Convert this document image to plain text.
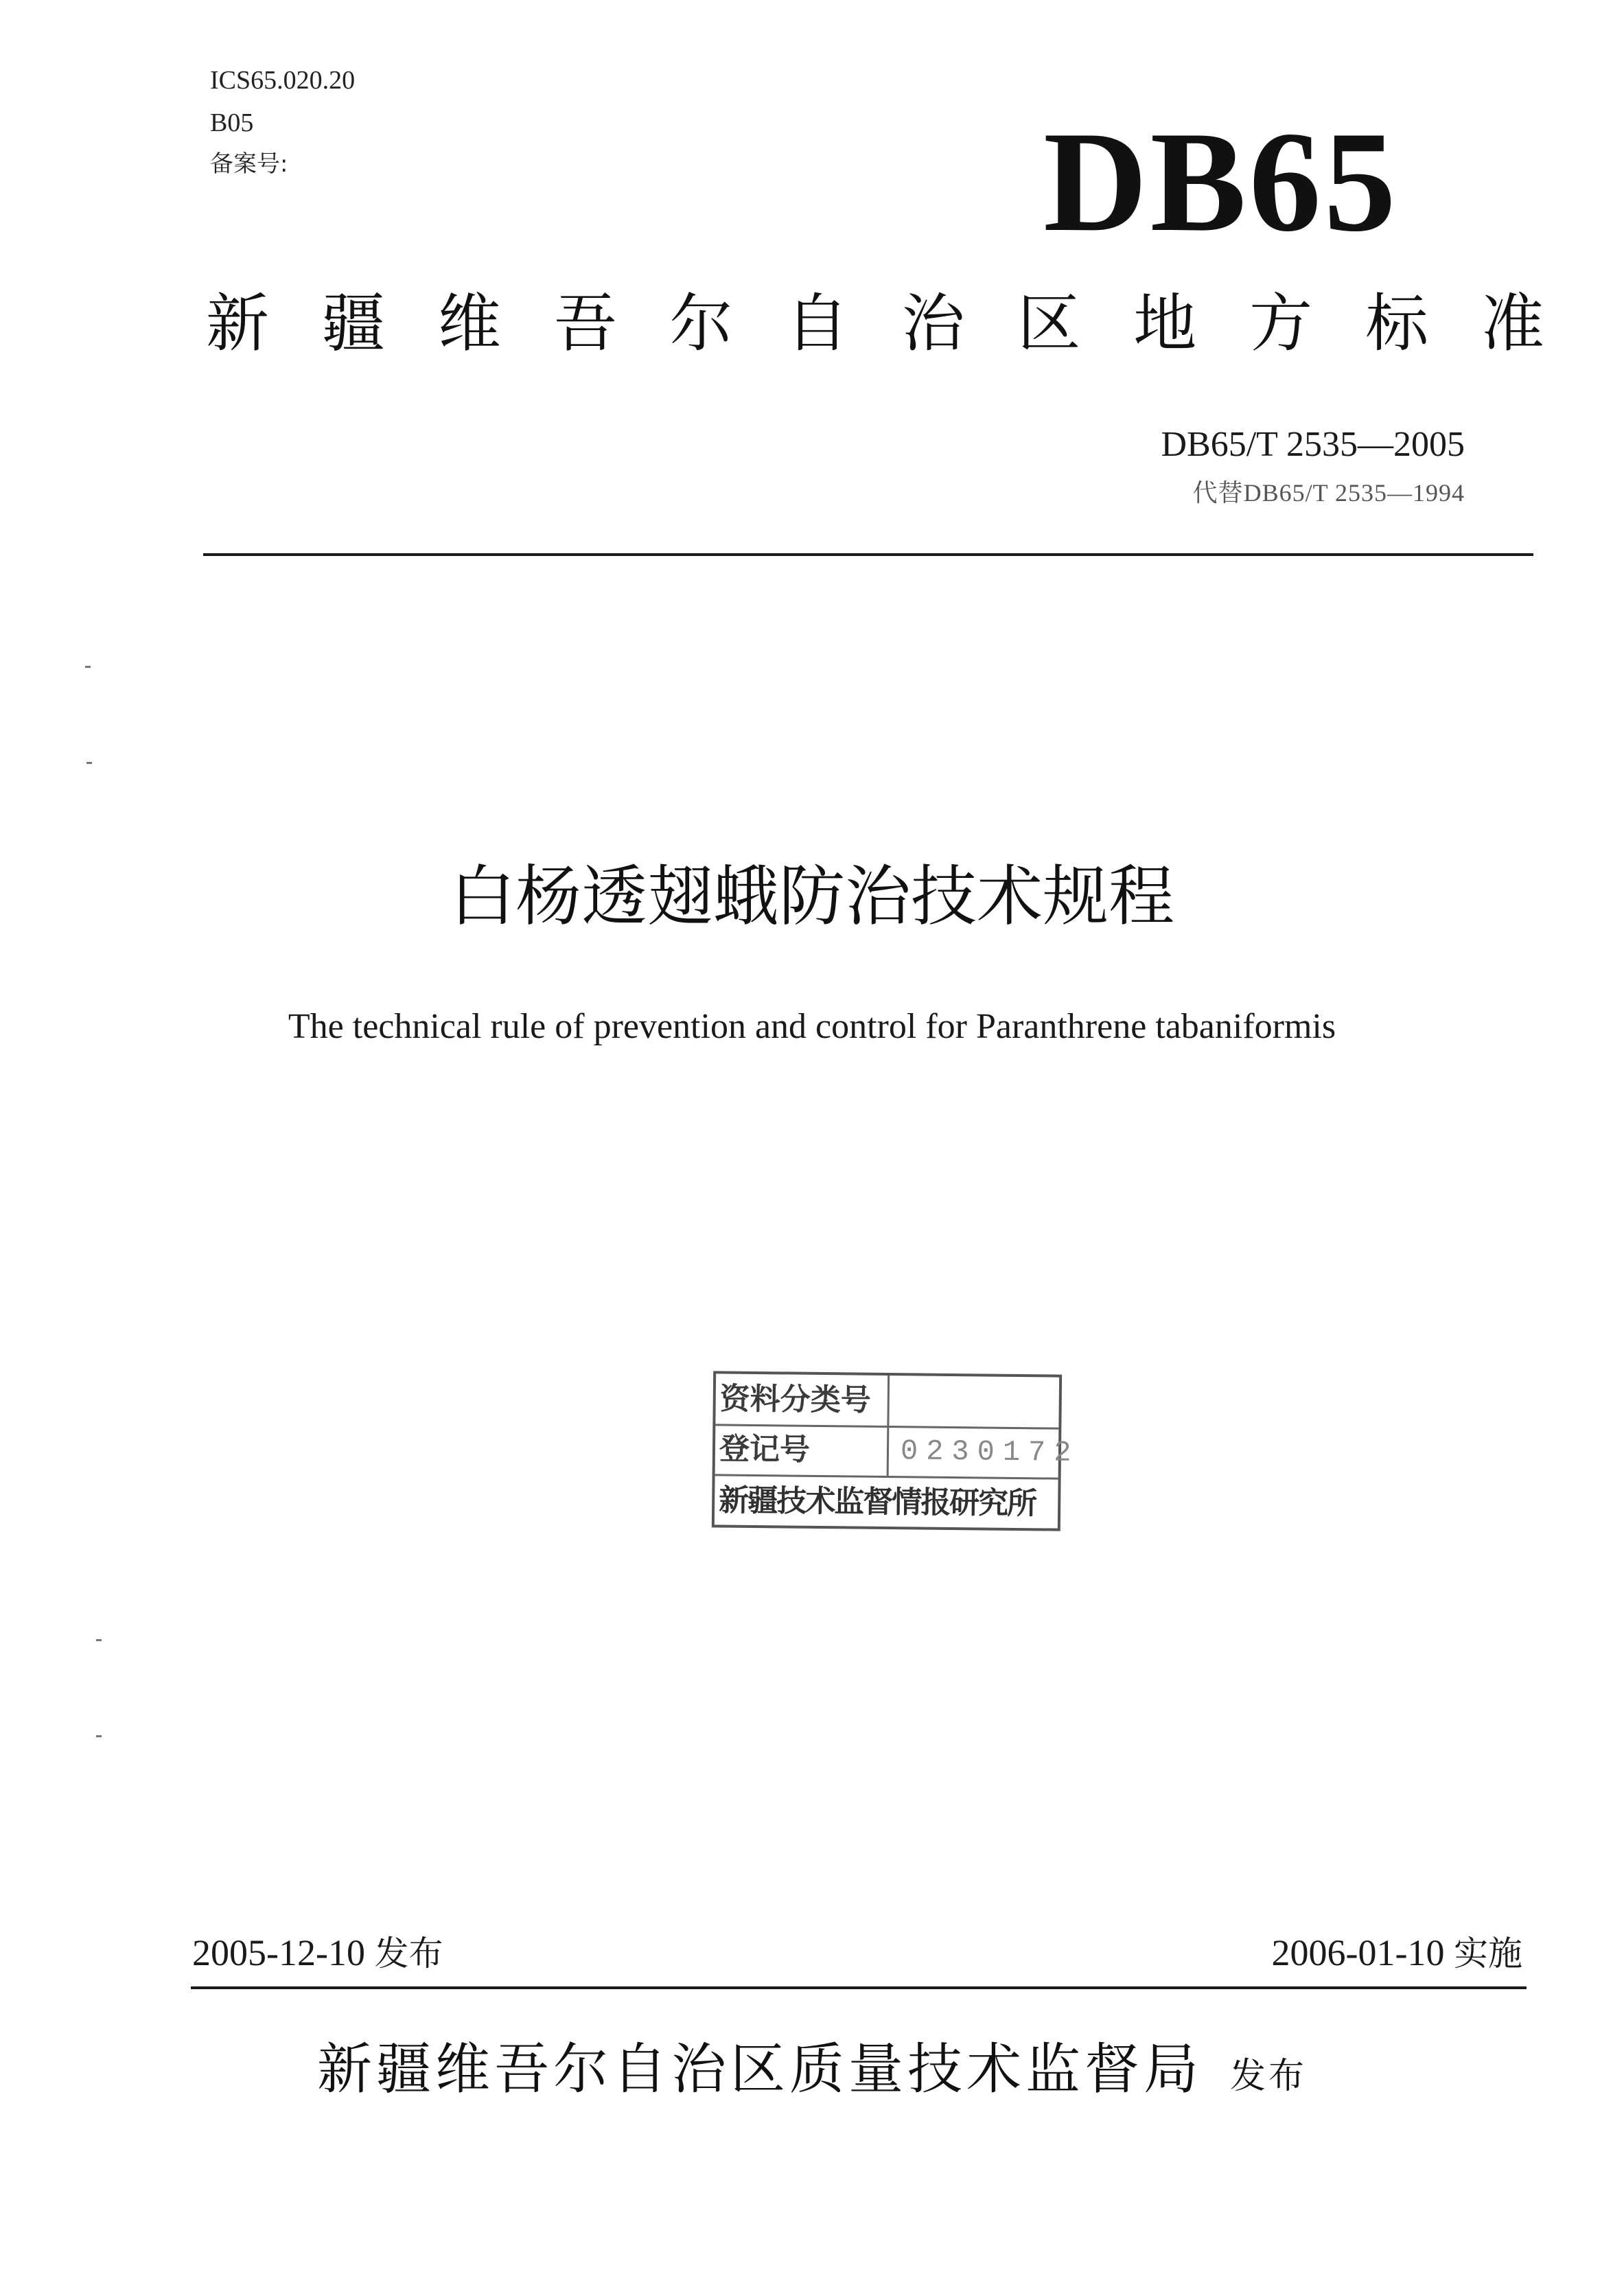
ICS65.020.20
B05
备案号:	DB65
新 疆 维 吾 尔 自 治 区 地 方 标 准
DB65/T 2535—2005
代替DB65/T 2535—1994
白杨透翅蛾防治技术规程
The technical rule of prevention and control for Paranthrene tabaniformis
资料分类号
登记号	0230172
新疆技术监督情报研究所
2005-12-10 发布	2006-01-10 实施
新疆维吾尔自治区质量技术监督局 发布
